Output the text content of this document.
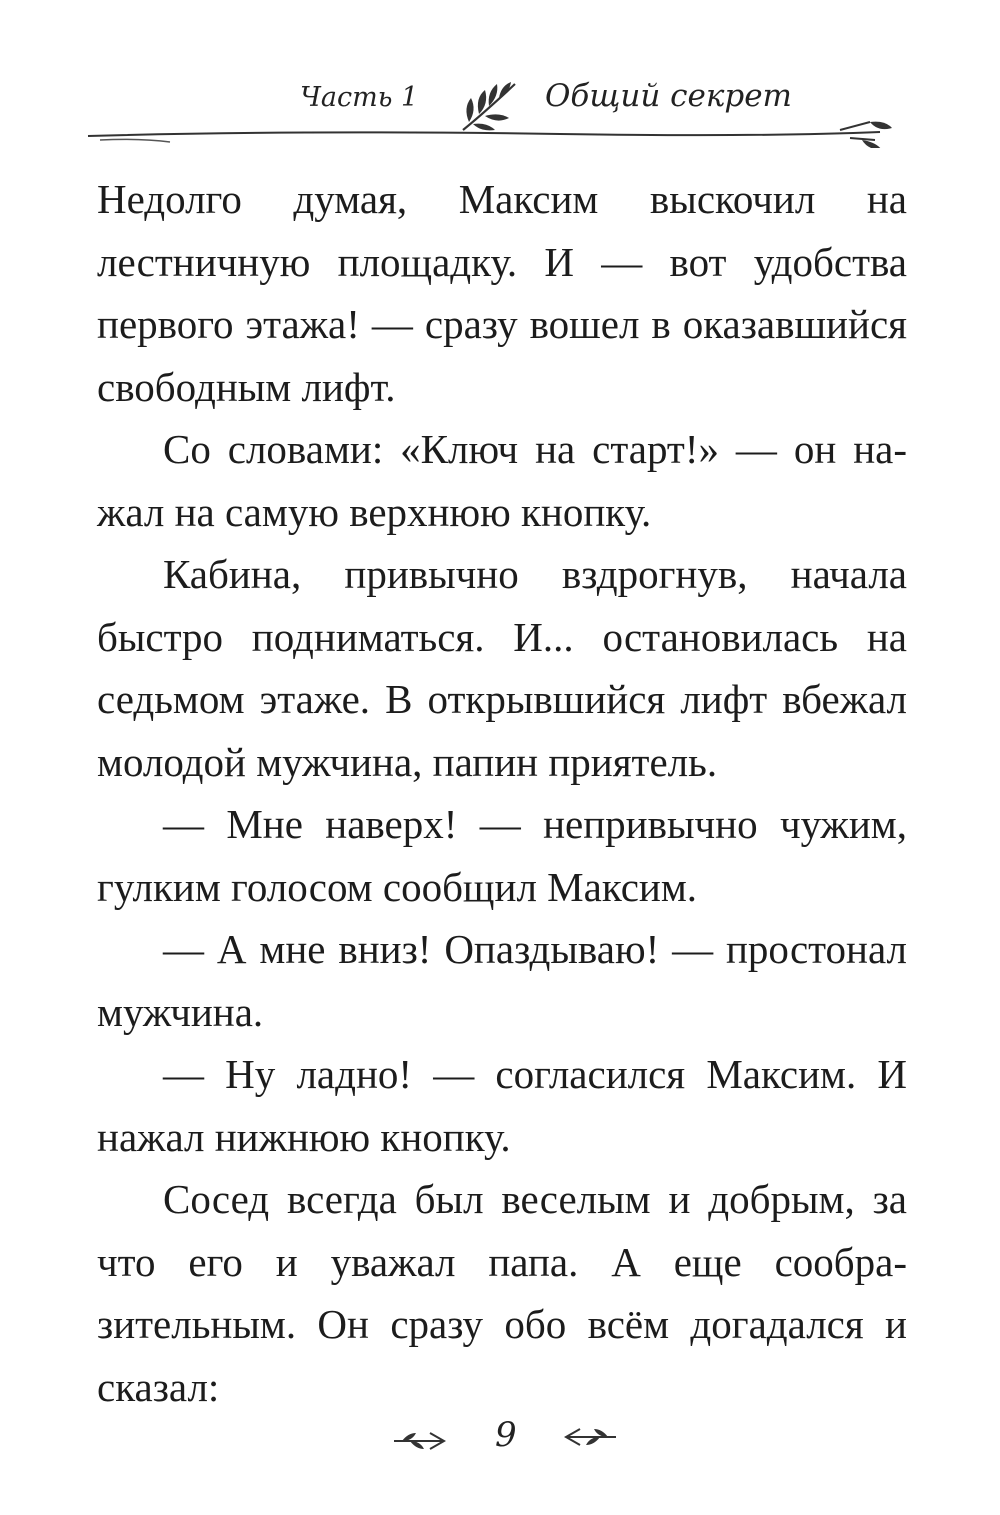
Часть 1	Общий секрет

Недолго думая, Максим выскочил на лестничную площадку. И — вот удобства первого этажа! — сразу вошел в оказавшийся свободным лифт.

Со словами: «Ключ на старт!» — он нажал на самую верхнюю кнопку.

Кабина, привычно вздрогнув, начала быстро подниматься. И... остановилась на седьмом этаже. В открывшийся лифт вбежал молодой мужчина, папин приятель.

— Мне наверх! — непривычно чужим, гулким голосом сообщил Максим.

— А мне вниз! Опаздываю! — простонал мужчина.

— Ну ладно! — согласился Максим. И нажал нижнюю кнопку.

Сосед всегда был веселым и добрым, за что его и уважал папа. А еще сообразительным. Он сразу обо всём догадался и сказал:

9
